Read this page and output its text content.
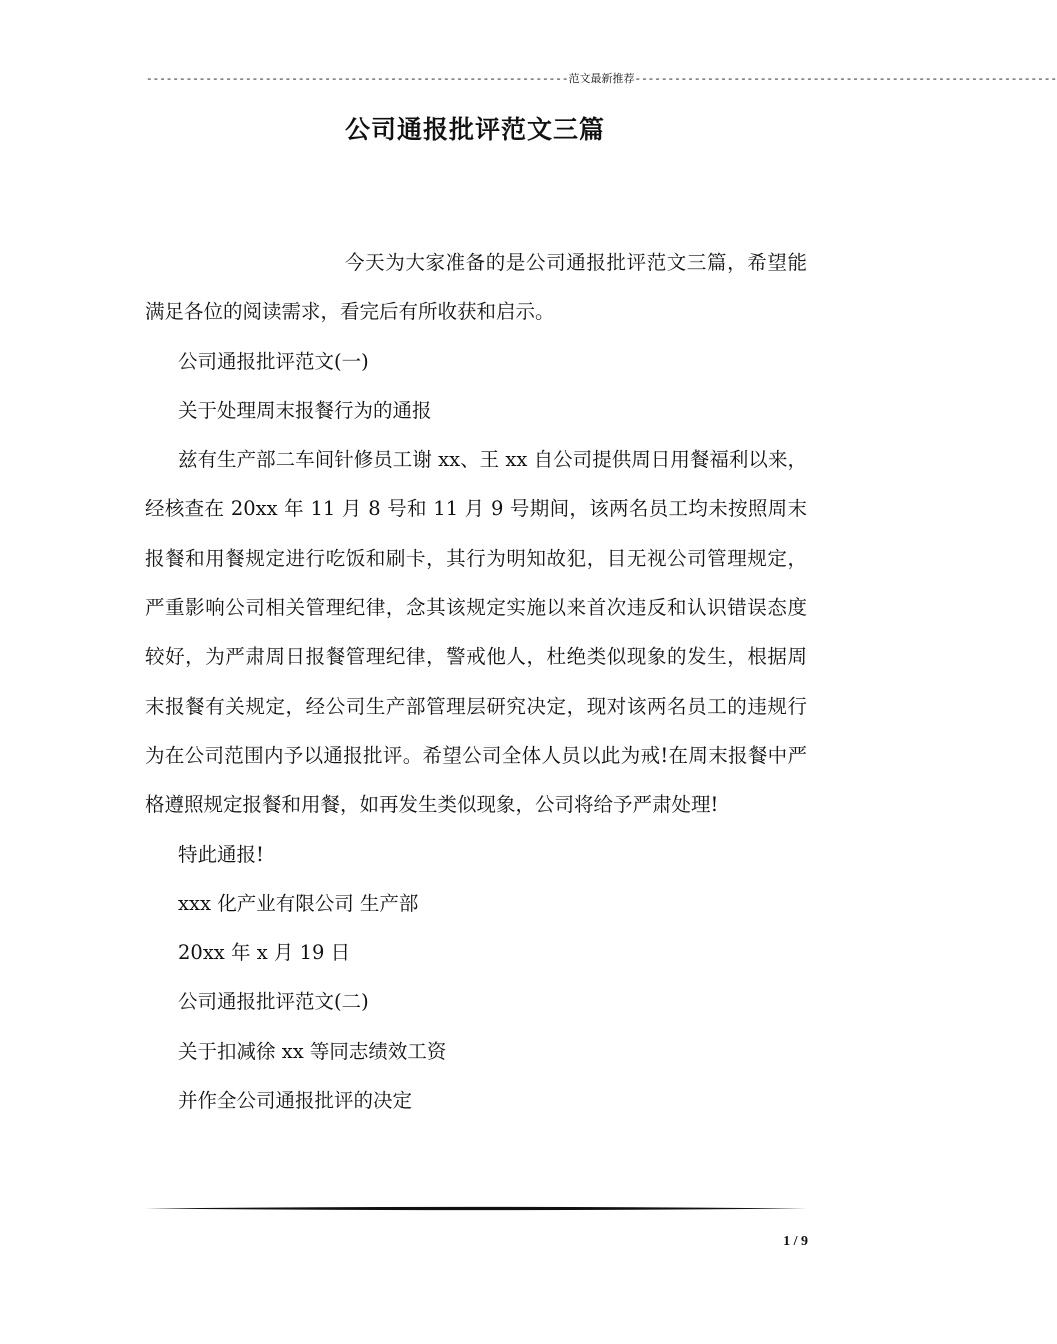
----------------------------------------------------------------范文最新推荐----------------------------------------------------------------
公司通报批评范文三篇

今天为大家准备的是公司通报批评范文三篇，希望能满足各位的阅读需求，看完后有所收获和启示。

公司通报批评范文(一)

关于处理周末报餐行为的通报

兹有生产部二车间针修员工谢 xx、王 xx 自公司提供周日用餐福利以来，经核查在 20xx 年 11 月 8 号和 11 月 9 号期间，该两名员工均未按照周末报餐和用餐规定进行吃饭和刷卡，其行为明知故犯，目无视公司管理规定，严重影响公司相关管理纪律，念其该规定实施以来首次违反和认识错误态度较好，为严肃周日报餐管理纪律，警戒他人，杜绝类似现象的发生，根据周末报餐有关规定，经公司生产部管理层研究决定，现对该两名员工的违规行为在公司范围内予以通报批评。希望公司全体人员以此为戒!在周末报餐中严格遵照规定报餐和用餐，如再发生类似现象，公司将给予严肃处理!

特此通报!

xxx 化产业有限公司 生产部

20xx 年 x 月 19 日

公司通报批评范文(二)

关于扣减徐 xx 等同志绩效工资

并作全公司通报批评的决定

1 / 9
